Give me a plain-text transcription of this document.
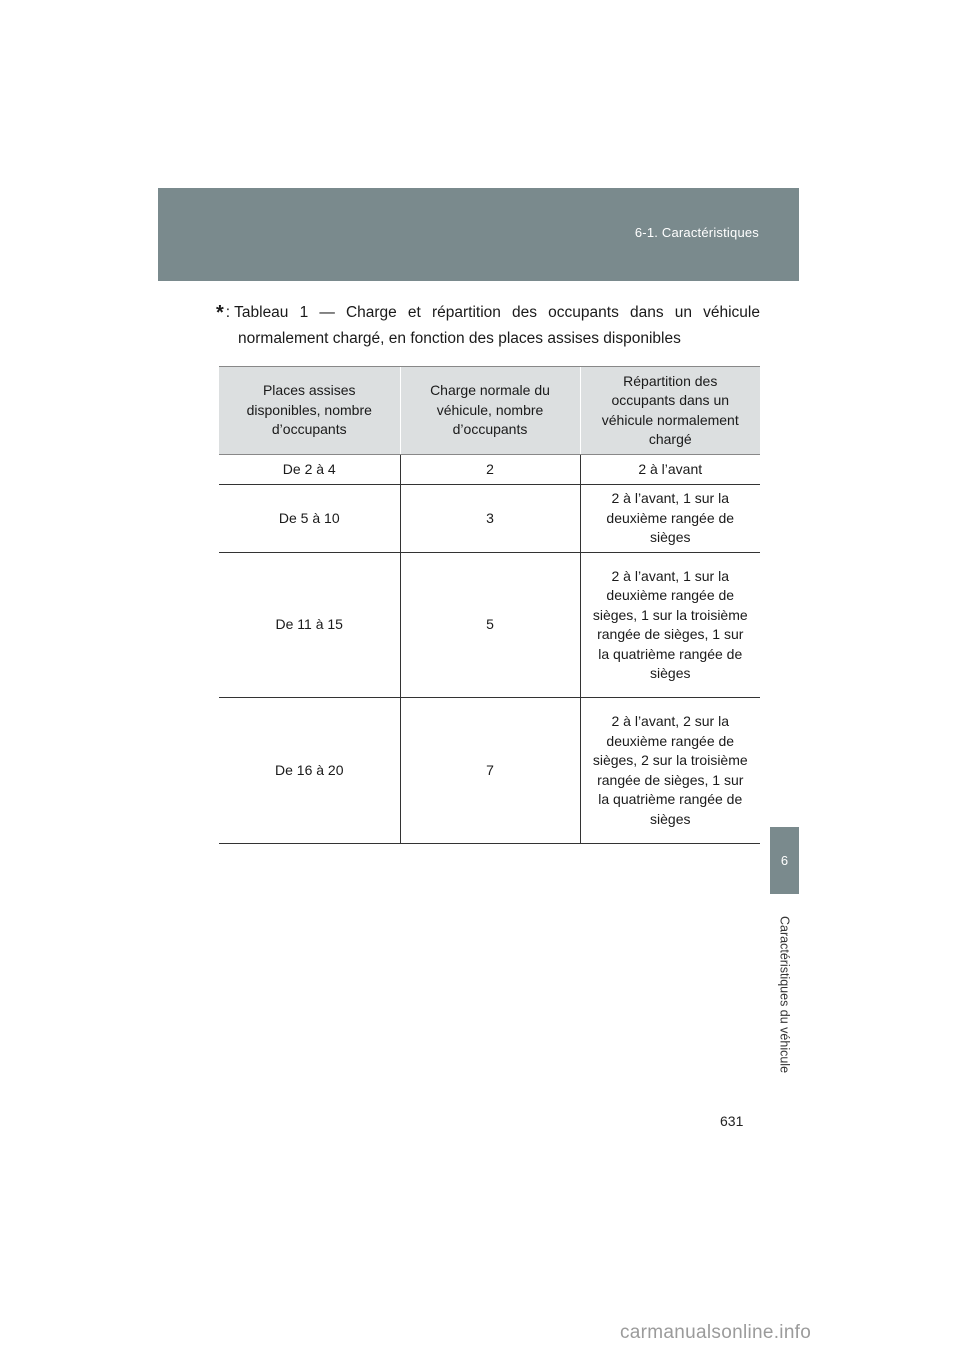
6-1. Caractéristiques
* : Tableau 1 — Charge et répartition des occupants dans un véhicule
normalement chargé, en fonction des places assises disponibles
Places assises disponibles, nombre d’occupants	Charge normale du véhicule, nombre d’occupants	Répartition des occupants dans un véhicule normalement chargé
De 2 à 4	2	2 à l’avant
De 5 à 10	3	2 à l’avant, 1 sur la deuxième rangée de sièges
De 11 à 15	5	2 à l’avant, 1 sur la deuxième rangée de sièges, 1 sur la troisième rangée de sièges, 1 sur la quatrième rangée de sièges
De 16 à 20	7	2 à l’avant, 2 sur la deuxième rangée de sièges, 2 sur la troisième rangée de sièges, 1 sur la quatrième rangée de sièges
6
Caractéristiques du véhicule
631
carmanualsonline.info
